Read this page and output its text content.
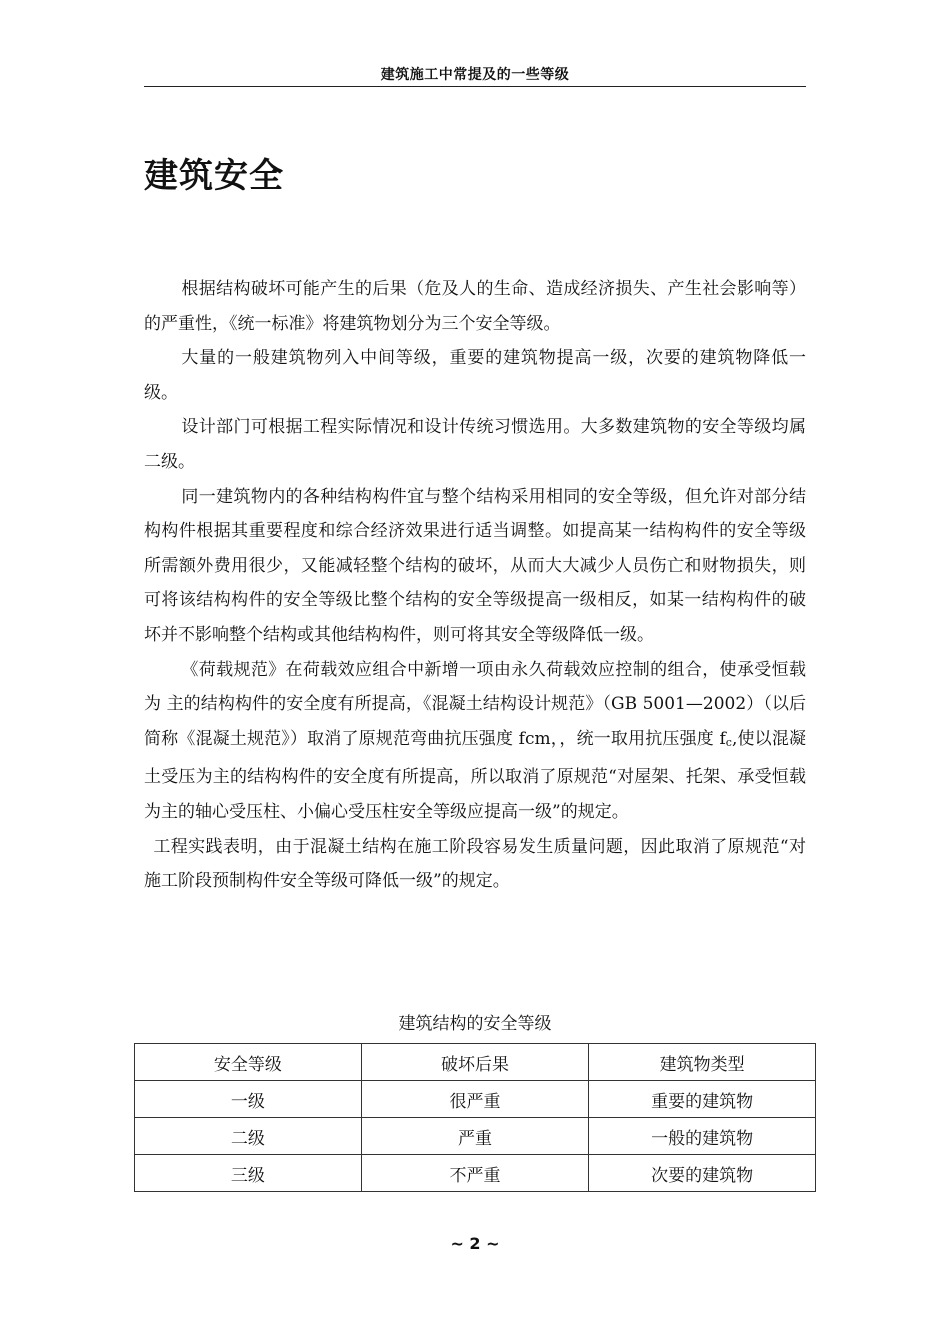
建筑施工中常提及的一些等级
建筑安全

根据结构破坏可能产生的后果（危及人的生命、造成经济损失、产生社会影响等）的严重性，《统一标准》将建筑物划分为三个安全等级。

大量的一般建筑物列入中间等级，重要的建筑物提高一级，次要的建筑物降低一级。

设计部门可根据工程实际情况和设计传统习惯选用。大多数建筑物的安全等级均属二级。

同一建筑物内的各种结构构件宜与整个结构采用相同的安全等级，但允许对部分结构构件根据其重要程度和综合经济效果进行适当调整。如提高某一结构构件的安全等级所需额外费用很少，又能减轻整个结构的破坏，从而大大减少人员伤亡和财物损失，则可将该结构构件的安全等级比整个结构的安全等级提高一级相反，如某一结构构件的破坏并不影响整个结构或其他结构构件，则可将其安全等级降低一级。

《荷载规范》在荷载效应组合中新增一项由永久荷载效应控制的组合，使承受恒载为 主的结构构件的安全度有所提高，《混凝土结构设计规范》（GB 5001—2002）（以后简称《混凝土规范》）取消了原规范弯曲抗压强度 fcm，，统一取用抗压强度 fc,使以混凝土受压为主的结构构件的安全度有所提高，所以取消了原规范“对屋架、托架、承受恒载为主的轴心受压柱、小偏心受压柱安全等级应提高一级”的规定。

工程实践表明，由于混凝土结构在施工阶段容易发生质量问题，因此取消了原规范“对施工阶段预制构件安全等级可降低一级”的规定。

建筑结构的安全等级
安全等级	破坏后果	建筑物类型
一级	很严重	重要的建筑物
二级	严重	一般的建筑物
三级	不严重	次要的建筑物
~ 2 ~
